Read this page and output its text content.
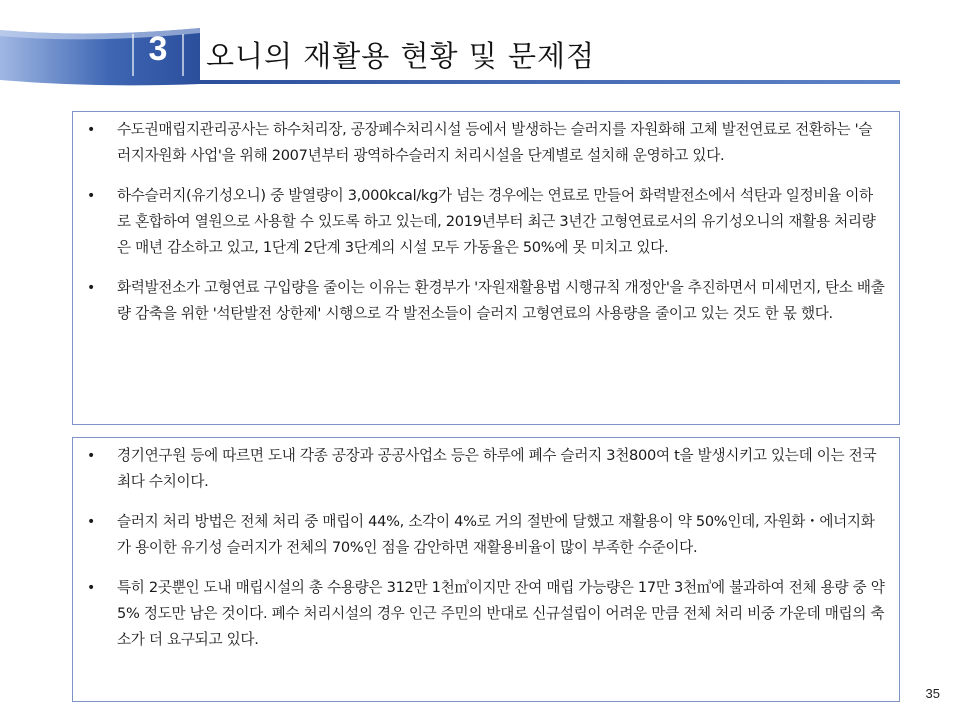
3 오니의 재활용 현황 및 문제점
• 수도권매립지관리공사는 하수처리장, 공장폐수처리시설 등에서 발생하는 슬러지를 자원화해 고체 발전연료로 전환하는 '슬러지자원화 사업'을 위해 2007년부터 광역하수슬러지 처리시설을 단계별로 설치해 운영하고 있다.
• 하수슬러지(유기성오니) 중 발열량이 3,000kcal/kg가 넘는 경우에는 연료로 만들어 화력발전소에서 석탄과 일정비율 이하로 혼합하여 열원으로 사용할 수 있도록 하고 있는데, 2019년부터 최근 3년간 고형연료로서의 유기성오니의 재활용 처리량은 매년 감소하고 있고, 1단계 2단계 3단계의 시설 모두 가동율은 50%에 못 미치고 있다.
• 화력발전소가 고형연료 구입량을 줄이는 이유는 환경부가 '자원재활용법 시행규칙 개정안'을 추진하면서 미세먼지, 탄소 배출량 감축을 위한 '석탄발전 상한제' 시행으로 각 발전소들이 슬러지 고형연료의 사용량을 줄이고 있는 것도 한 몫 했다.
• 경기연구원 등에 따르면 도내 각종 공장과 공공사업소 등은 하루에 폐수 슬러지 3천800여 t을 발생시키고 있는데 이는 전국 최다 수치이다.
• 슬러지 처리 방법은 전체 처리 중 매립이 44%, 소각이 4%로 거의 절반에 달했고 재활용이 약 50%인데, 자원화・에너지화가 용이한 유기성 슬러지가 전체의 70%인 점을 감안하면 재활용비율이 많이 부족한 수준이다.
• 특히 2곳뿐인 도내 매립시설의 총 수용량은 312만 1천㎥이지만 잔여 매립 가능량은 17만 3천㎥에 불과하여 전체 용량 중 약 5% 정도만 남은 것이다. 폐수 처리시설의 경우 인근 주민의 반대로 신규설립이 어려운 만큼 전체 처리 비중 가운데 매립의 축소가 더 요구되고 있다.
35
